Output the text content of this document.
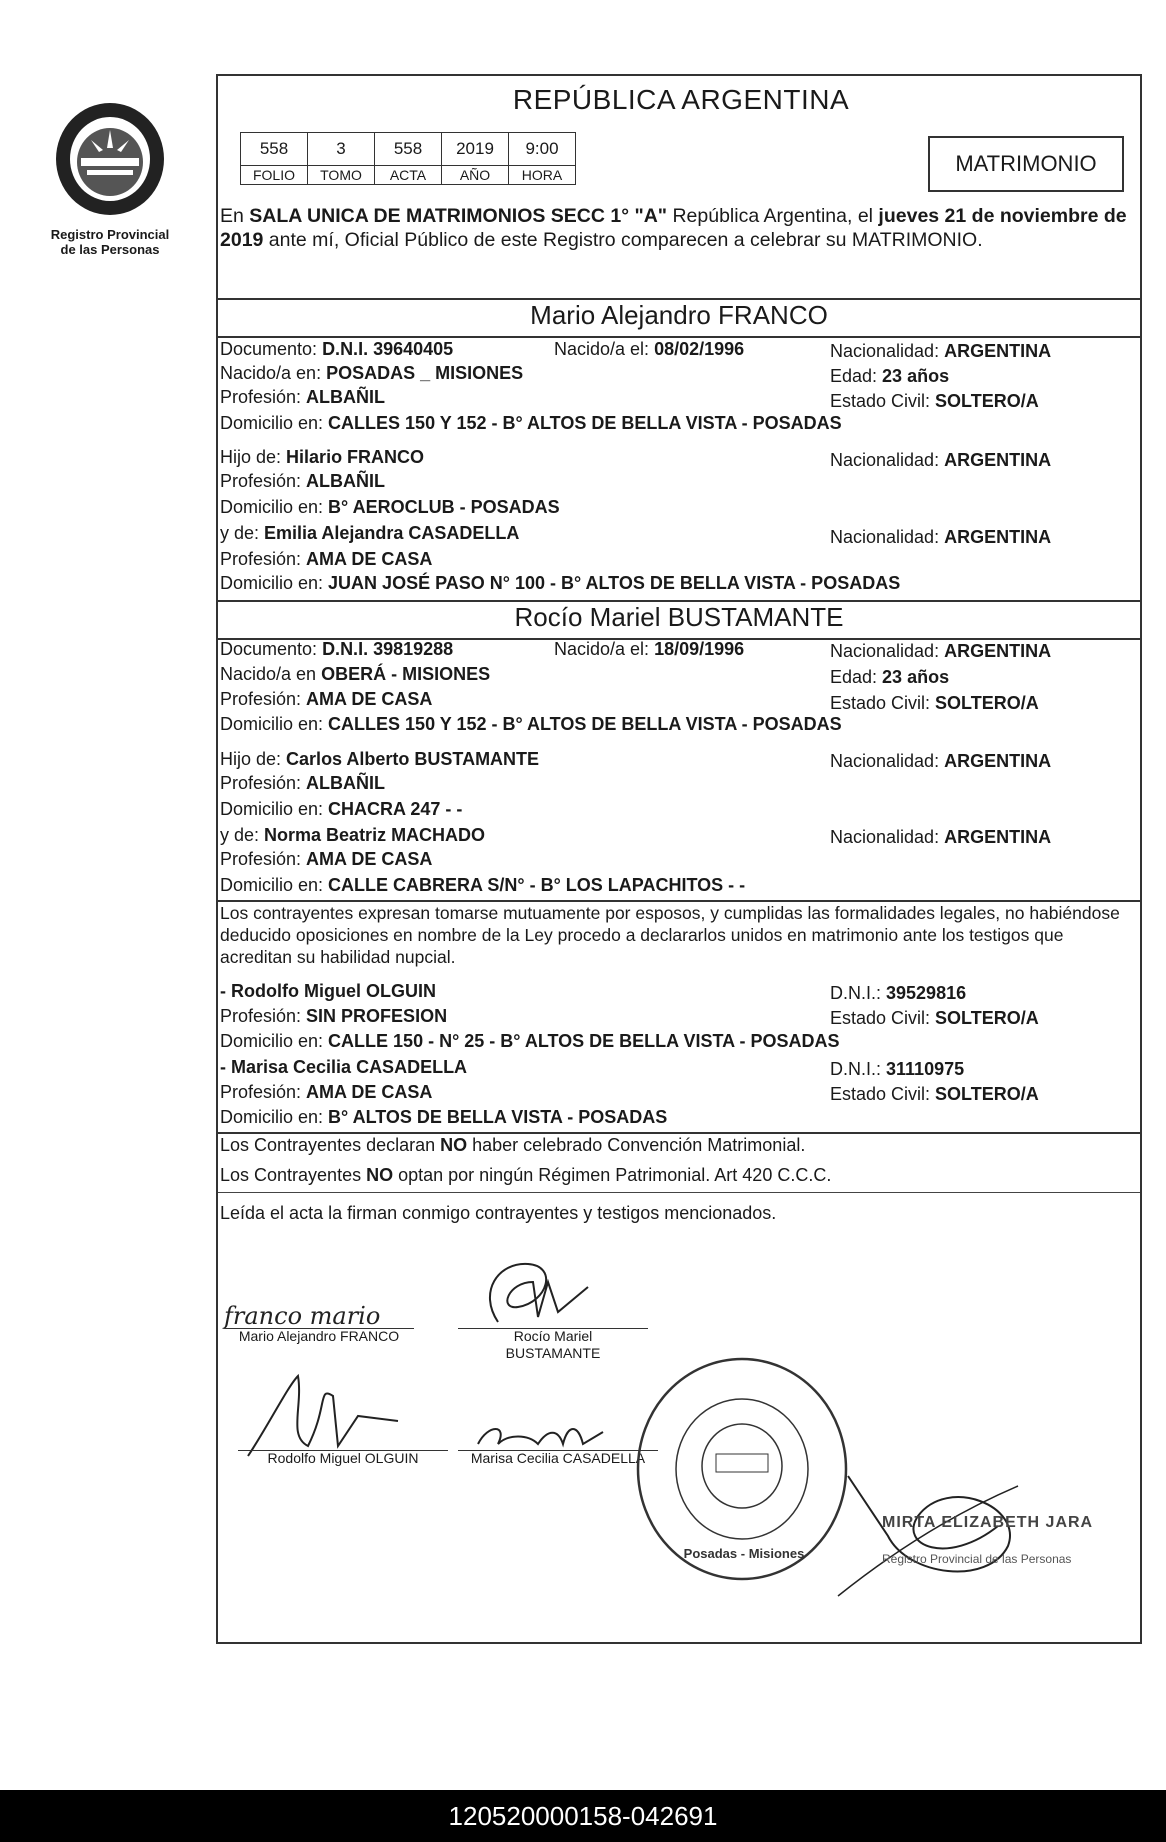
Registro Provincial
de las Personas
REPÚBLICA ARGENTINA
558	3	558	2019	9:00
FOLIO	TOMO	ACTA	AÑO	HORA	MATRIMONIO
En SALA UNICA DE MATRIMONIOS SECC 1° "A" República Argentina, el jueves 21 de noviembre de 2019 ante mí, Oficial Público de este Registro comparecen a celebrar su MATRIMONIO.
Mario Alejandro FRANCO
Documento: D.N.I. 39640405	Nacido/a el: 08/02/1996	Nacionalidad: ARGENTINA
Nacido/a en: POSADAS _ MISIONES	Edad: 23 años
Profesión: ALBAÑIL	Estado Civil: SOLTERO/A
Domicilio en: CALLES 150 Y 152 - B° ALTOS DE BELLA VISTA - POSADAS
Hijo de: Hilario FRANCO	Nacionalidad: ARGENTINA
Profesión: ALBAÑIL
Domicilio en: B° AEROCLUB - POSADAS
y de: Emilia Alejandra CASADELLA	Nacionalidad: ARGENTINA
Profesión: AMA DE CASA
Domicilio en: JUAN JOSÉ PASO N° 100 - B° ALTOS DE BELLA VISTA - POSADAS
Rocío Mariel BUSTAMANTE
Documento: D.N.I. 39819288	Nacido/a el: 18/09/1996	Nacionalidad: ARGENTINA
Nacido/a en OBERÁ - MISIONES	Edad: 23 años
Profesión: AMA DE CASA	Estado Civil: SOLTERO/A
Domicilio en: CALLES 150 Y 152 - B° ALTOS DE BELLA VISTA - POSADAS
Hijo de: Carlos Alberto BUSTAMANTE	Nacionalidad: ARGENTINA
Profesión: ALBAÑIL
Domicilio en: CHACRA 247 - -
y de: Norma Beatriz MACHADO	Nacionalidad: ARGENTINA
Profesión: AMA DE CASA
Domicilio en: CALLE CABRERA S/N° - B° LOS LAPACHITOS - -
Los contrayentes expresan tomarse mutuamente por esposos, y cumplidas las formalidades legales, no habiéndose deducido oposiciones en nombre de la Ley procedo a declararlos unidos en matrimonio ante los testigos que acreditan su habilidad nupcial.
- Rodolfo Miguel OLGUIN	D.N.I.: 39529816
Profesión: SIN PROFESION	Estado Civil: SOLTERO/A
Domicilio en: CALLE 150 - N° 25 - B° ALTOS DE BELLA VISTA - POSADAS
- Marisa Cecilia CASADELLA	D.N.I.: 31110975
Profesión: AMA DE CASA	Estado Civil: SOLTERO/A
Domicilio en: B° ALTOS DE BELLA VISTA - POSADAS
Los Contrayentes declaran NO haber celebrado Convención Matrimonial.
Los Contrayentes NO optan por ningún Régimen Patrimonial. Art 420 C.C.C.
Leída el acta la firman conmigo contrayentes y testigos mencionados.
franco mario
Mario Alejandro FRANCO	Rocío Mariel
BUSTAMANTE
Rodolfo Miguel OLGUIN	Marisa Cecilia CASADELLA
Posadas - Misiones
MIRTA ELIZABETH JARA
Registro Provincial de las Personas
120520000158-042691
